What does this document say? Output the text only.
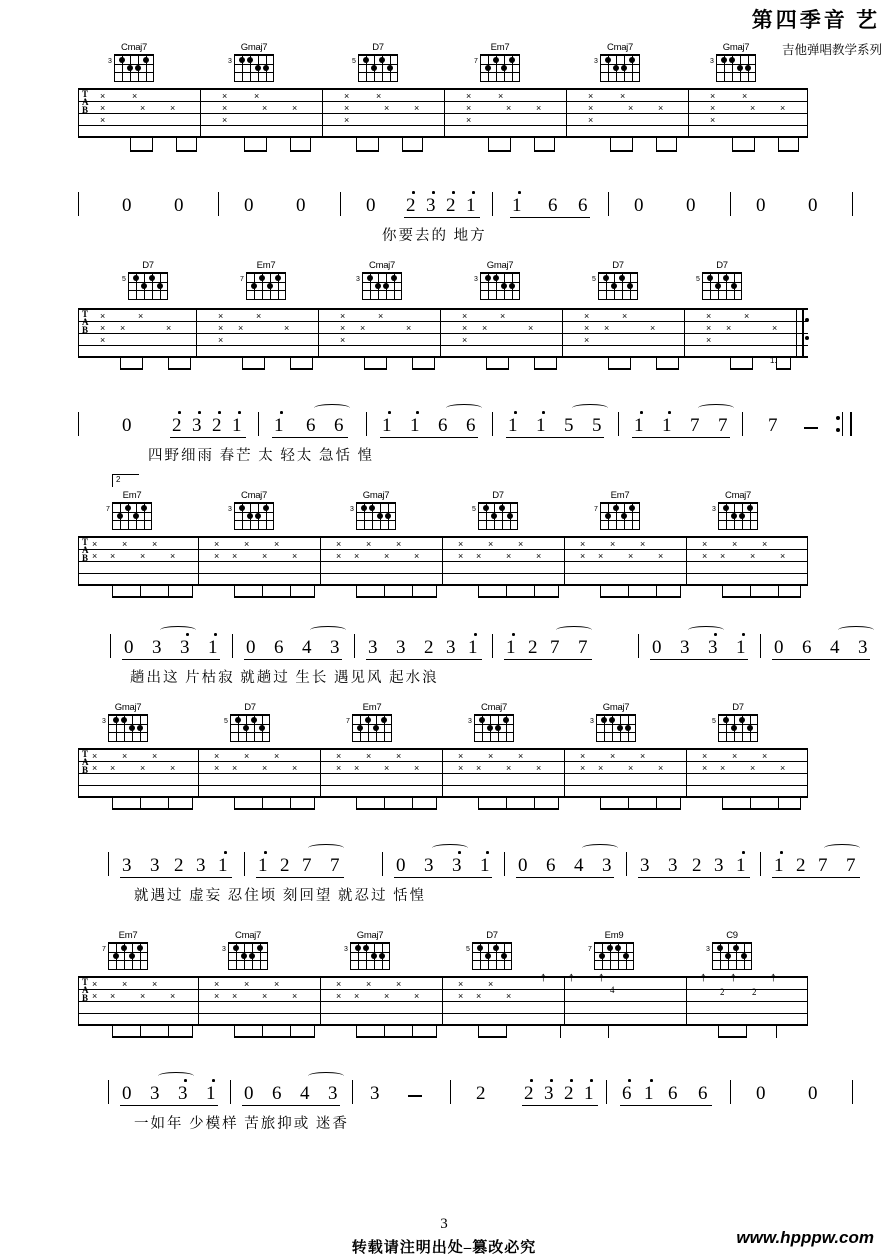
第四季音 艺
吉他弹唱教学系列
Cmaj7
3
Gmaj7
3
D7
5
Em7
7
Cmaj7
3
Gmaj7
3
T
A
B
×	×
×	×	×
×
×	×
×	×	×
×
×	×
×	×	×
×
×	×
×	×	×
×
×	×
×	×	×
×
×	×
×	×	×
×
0 0	0 0	0 2 3 2 1 1 6 6 0 0	0 0
你要去的 地方
D7
5
Em7
7
Cmaj7
3
Gmaj7
3
D7
5
D7
5
T
A
B
×	×
× ×	×
×
×	×
× ×	×
×
×	×
× ×	×
×
×	×
× ×	×
×
×	×
× ×	×
×
×	×
× ×	×
×
1.
0 2 3 2 1 1 6 6 1 1 6 6 1 1 5 5 1 1 7 7 7
四野细雨 春芒 太 轻太 急恬 惶
2
Em7
7
Cmaj7
3
Gmaj7
3
D7
5
Em7
7
Cmaj7
3
T
A
B
×	×	×
× ×	×	×
×	×	×
× ×	×	×
×	×	×
× ×	×	×
×	×	×
× ×	×	×
×	×	×
× ×	×	×
×	×	×
× ×	×	×
0 3 3 1 0 6 4 3 3 3 2 3 1 1 2 7 7	0 3 3 1 0 6 4 3
趟出这 片枯寂 就趟过 生长 遇见风 起水浪
Gmaj7
3
D7
5
Em7
7
Cmaj7
3
Gmaj7
3
D7
5
T
A
B
×	×	×
× ×	×	×
×	×	×
× ×	×	×
×	×	×
× ×	×	×
×	×	×
× ×	×	×
×	×	×
× ×	×	×
×	×	×
× ×	×	×
3 3 2 3 1 1 2 7 7	0 3 3 1 0 6 4 3 3 3 2 3 1 1 2 7 7
就遇过 虚妄 忍住顷 刻回望 就忍过 恬惶
Em7
7
Cmaj7
3
Gmaj7
3
D7
5
Em9
7
C9
3
T
A
B
×	×	×
× ×	×	×
×	×	×
× ×	×	×
×	×	×
× ×	×	×
×	×
× ×	×
4	2	2
↑ ↑ ↑	↑ ↑	↑
0 3 3 1 0 6 4 3 3	2 2 3 2 1 6 1 6 6	0 0
一如年 少模样 苦旅抑或 迷香
3
转载请注明出处–篡改必究
www.hpppw.com
